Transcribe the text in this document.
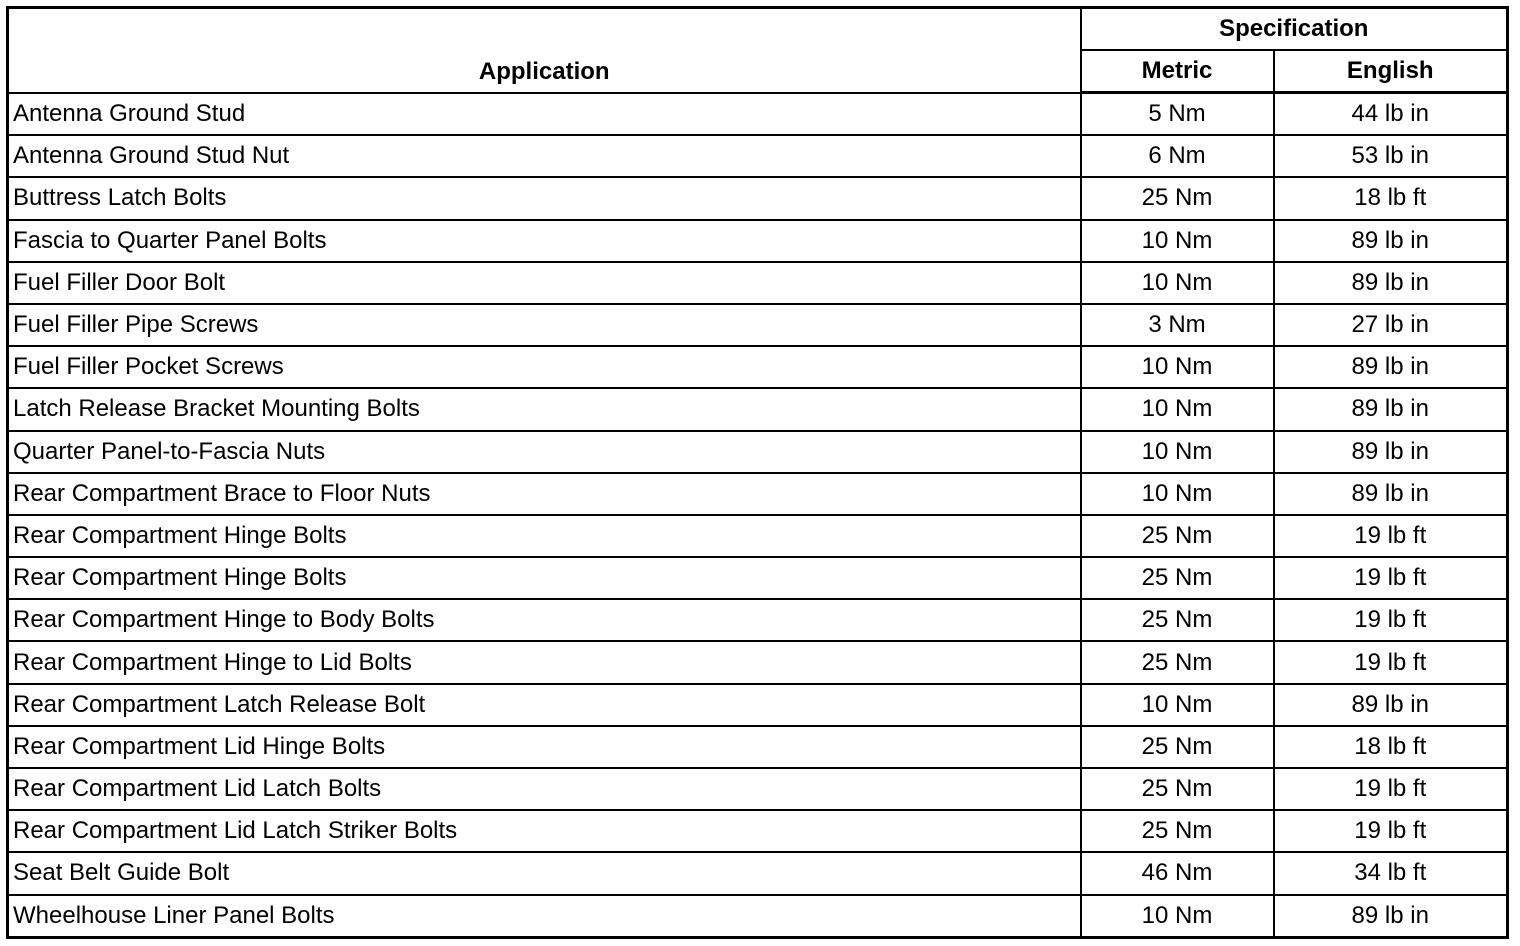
Application	Specification	
	Metric	English
Antenna Ground Stud	5 Nm	44 lb in
Antenna Ground Stud Nut	6 Nm	53 lb in
Buttress Latch Bolts	25 Nm	18 lb ft
Fascia to Quarter Panel Bolts	10 Nm	89 lb in
Fuel Filler Door Bolt	10 Nm	89 lb in
Fuel Filler Pipe Screws	3 Nm	27 lb in
Fuel Filler Pocket Screws	10 Nm	89 lb in
Latch Release Bracket Mounting Bolts	10 Nm	89 lb in
Quarter Panel-to-Fascia Nuts	10 Nm	89 lb in
Rear Compartment Brace to Floor Nuts	10 Nm	89 lb in
Rear Compartment Hinge Bolts	25 Nm	19 lb ft
Rear Compartment Hinge Bolts	25 Nm	19 lb ft
Rear Compartment Hinge to Body Bolts	25 Nm	19 lb ft
Rear Compartment Hinge to Lid Bolts	25 Nm	19 lb ft
Rear Compartment Latch Release Bolt	10 Nm	89 lb in
Rear Compartment Lid Hinge Bolts	25 Nm	18 lb ft
Rear Compartment Lid Latch Bolts	25 Nm	19 lb ft
Rear Compartment Lid Latch Striker Bolts	25 Nm	19 lb ft
Seat Belt Guide Bolt	46 Nm	34 lb ft
Wheelhouse Liner Panel Bolts	10 Nm	89 lb in
